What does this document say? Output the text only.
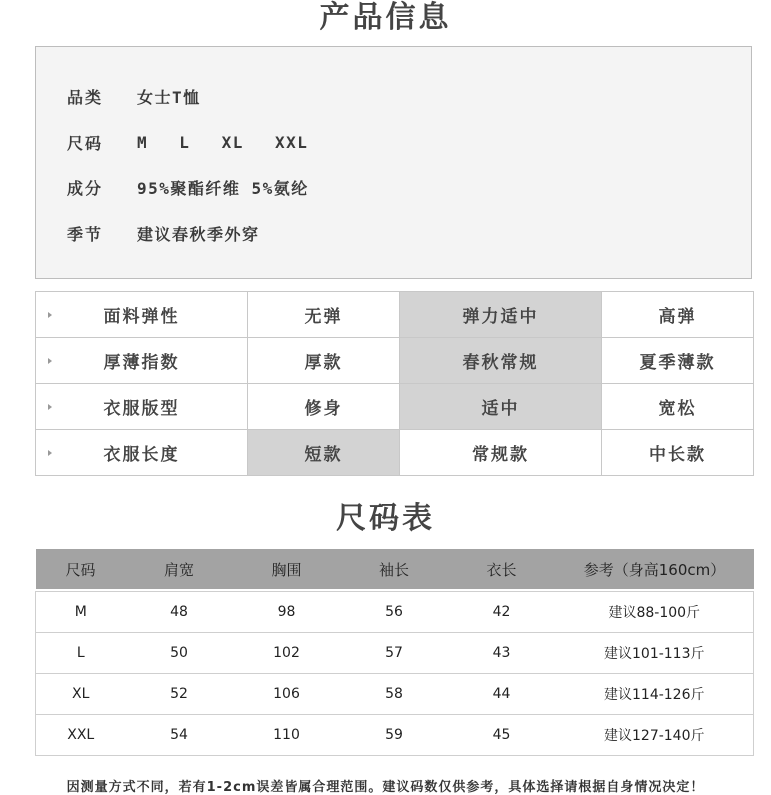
产品信息
品类	女士T恤
尺码	M L XL XXL
成分	95%聚酯纤维 5%氨纶
季节	建议春秋季外穿
面料弹性	无弹	弹力适中	高弹

厚薄指数	厚款	春秋常规	夏季薄款

衣服版型	修身	适中	宽松

衣服长度	短款	常规款	中长款
尺码表
尺码	肩宽	胸围	袖长	衣长	参考（身高160cm）

M	48	98	56	42	建议88-100斤
L	50	102	57	43	建议101-113斤
XL	52	106	58	44	建议114-126斤
XXL	54	110	59	45	建议127-140斤
因测量方式不同，若有1-2cm误差皆属合理范围。建议码数仅供参考，具体选择请根据自身情况决定！
